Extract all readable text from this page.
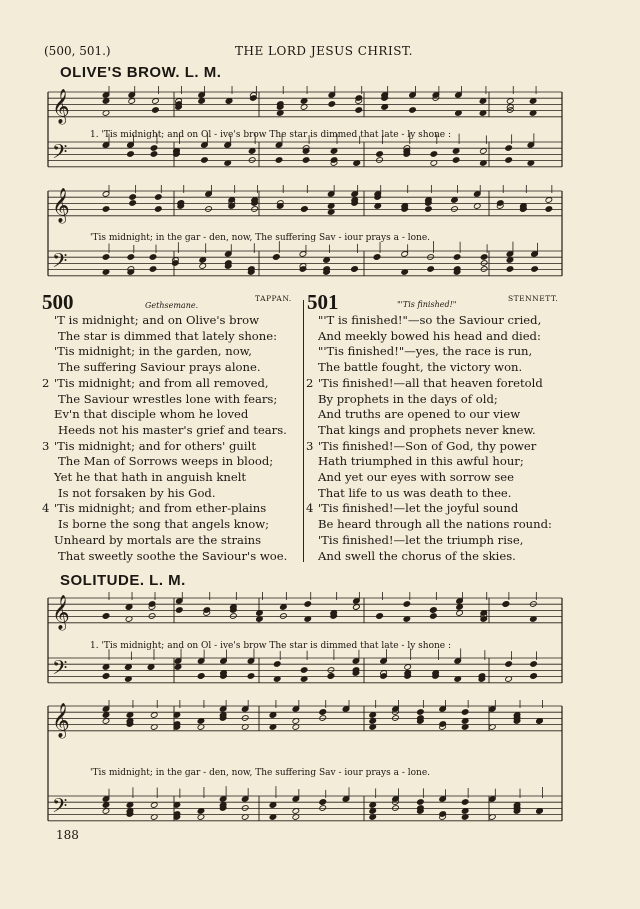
(500, 501.)	THE LORD JESUS CHRIST.
OLIVE'S BROW. L. M.
𝄞
𝄢
1. 'Tis midnight; and on Ol - ive's brow The star is dimmed that late - ly shone :
𝄞
𝄢
'Tis midnight; in the gar - den, now, The suffering Sav - iour prays a - lone.
500	Gethsemane.
TAPPAN.
'T is midnight; and on Olive's brow
The star is dimmed that lately shone:
'Tis midnight; in the garden, now,
The suffering Saviour prays alone.
2 'Tis midnight; and from all removed,
The Saviour wrestles lone with fears;
Ev'n that disciple whom he loved
Heeds not his master's grief and tears.
3 'Tis midnight; and for others' guilt
The Man of Sorrows weeps in blood;
Yet he that hath in anguish knelt
Is not forsaken by his God.
4 'Tis midnight; and from ether-plains
Is borne the song that angels know;
Unheard by mortals are the strains
That sweetly soothe the Saviour's woe.
501	"'Tis finished!"
STENNETT.
"'T is finished!"—so the Saviour cried,
And meekly bowed his head and died:
"'Tis finished!"—yes, the race is run,
The battle fought, the victory won.
2 'Tis finished!—all that heaven foretold
By prophets in the days of old;
And truths are opened to our view
That kings and prophets never knew.
3 'Tis finished!—Son of God, thy power
Hath triumphed in this awful hour;
And yet our eyes with sorrow see
That life to us was death to thee.
4 'Tis finished!—let the joyful sound
Be heard through all the nations round:
'Tis finished!—let the triumph rise,
And swell the chorus of the skies.
SOLITUDE. L. M.
𝄞
𝄢
1. 'Tis midnight; and on Ol - ive's brow The star is dimmed that late - ly shone :
𝄞
𝄢
'Tis midnight; in the gar - den, now, The suffering Sav - iour prays a - lone.
188
